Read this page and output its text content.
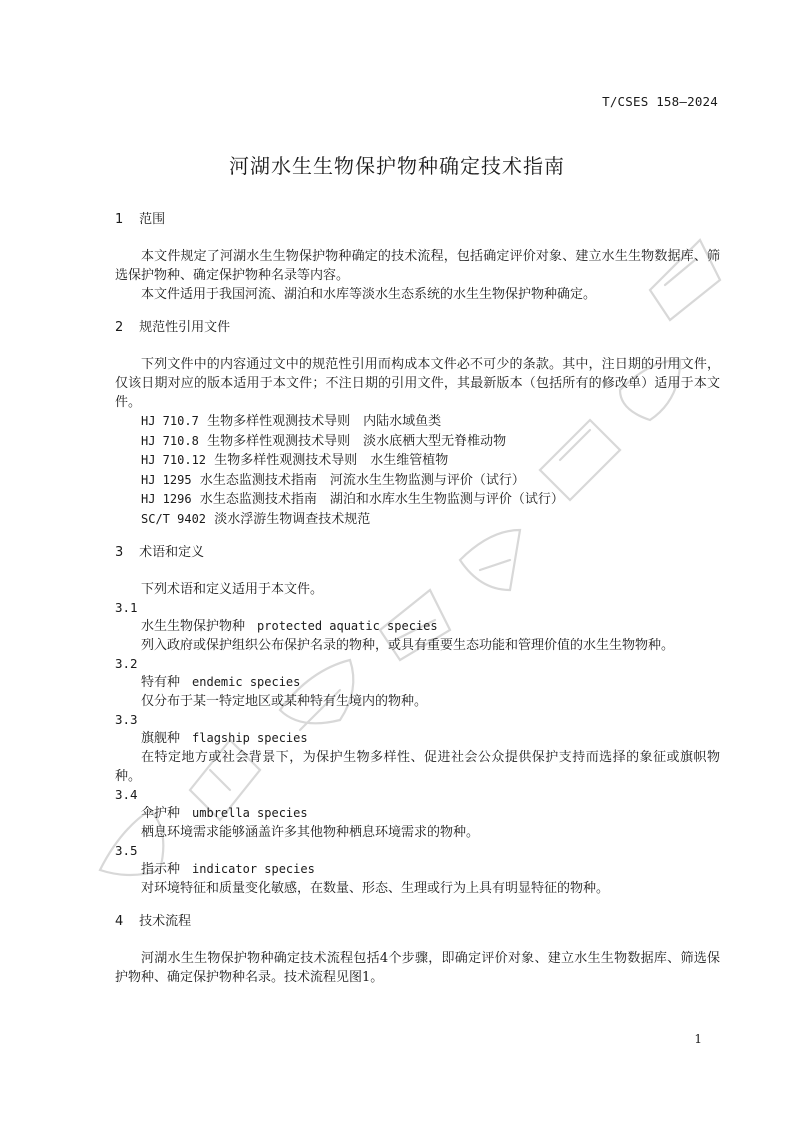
T/CSES 158—2024
河湖水生生物保护物种确定技术指南
1 范围

本文件规定了河湖水生生物保护物种确定的技术流程，包括确定评价对象、建立水生生物数据库、筛选保护物种、确定保护物种名录等内容。

本文件适用于我国河流、湖泊和水库等淡水生态系统的水生生物保护物种确定。

2 规范性引用文件

下列文件中的内容通过文中的规范性引用而构成本文件必不可少的条款。其中，注日期的引用文件，仅该日期对应的版本适用于本文件；不注日期的引用文件，其最新版本（包括所有的修改单）适用于本文件。

HJ 710.7 生物多样性观测技术导则　内陆水域鱼类
HJ 710.8 生物多样性观测技术导则　淡水底栖大型无脊椎动物
HJ 710.12 生物多样性观测技术导则　水生维管植物
HJ 1295 水生态监测技术指南　河流水生生物监测与评价（试行）
HJ 1296 水生态监测技术指南　湖泊和水库水生生物监测与评价（试行）
SC/T 9402 淡水浮游生物调查技术规范
3 术语和定义

下列术语和定义适用于本文件。

3.1
水生生物保护物种 protected aquatic species
列入政府或保护组织公布保护名录的物种，或具有重要生态功能和管理价值的水生生物物种。
3.2
特有种 endemic species
仅分布于某一特定地区或某种特有生境内的物种。
3.3
旗舰种 flagship species
在特定地方或社会背景下，为保护生物多样性、促进社会公众提供保护支持而选择的象征或旗帜物种。
3.4
伞护种 umbrella species
栖息环境需求能够涵盖许多其他物种栖息环境需求的物种。
3.5
指示种 indicator species
对环境特征和质量变化敏感，在数量、形态、生理或行为上具有明显特征的物种。
4 技术流程

河湖水生生物保护物种确定技术流程包括4个步骤，即确定评价对象、建立水生生物数据库、筛选保护物种、确定保护物种名录。技术流程见图1。

1
